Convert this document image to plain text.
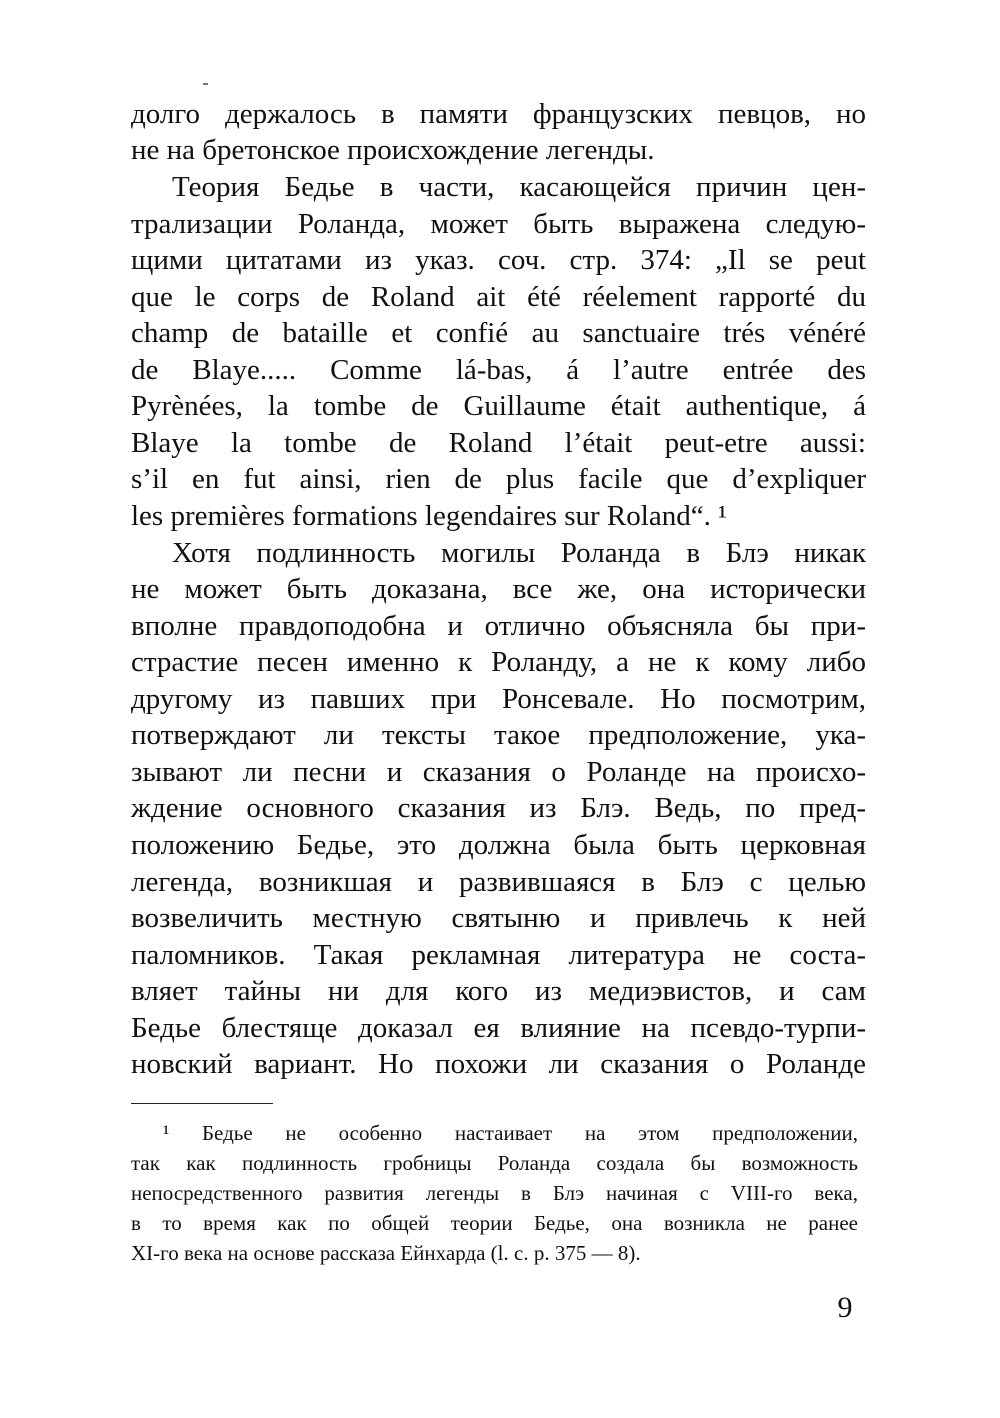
долго держалось в памяти французских певцов, но
не на бретонское происхождение легенды.
Теория Бедье в части, касающейся причин цен-
трализации Роланда, может быть выражена следую-
щими цитатами из указ. соч. стр. 374: „Il se peut
que le corps de Roland ait été réelement rapporté du
champ de bataille et confié au sanctuaire trés vénéré
de Blaye..... Comme lá-bas, á l’autre entrée des
Pyrènées, la tombe de Guillaume était authentique, á
Blaye la tombe de Roland l’était peut-etre aussi:
s’il en fut ainsi, rien de plus facile que d’expliquer
les premières formations legendaires sur Roland“. ¹
Хотя подлинность могилы Роланда в Блэ никак
не может быть доказана, все же, она исторически
вполне правдоподобна и отлично объясняла бы при-
страстие песен именно к Роланду, а не к кому либо
другому из павших при Ронсевале. Но посмотрим,
потверждают ли тексты такое предположение, ука-
зывают ли песни и сказания о Роланде на происхо-
ждение основного сказания из Блэ. Ведь, по пред-
положению Бедье, это должна была быть церковная
легенда, возникшая и развившаяся в Блэ с целью
возвеличить местную святыню и привлечь к ней
паломников. Такая рекламная литература не соста-
вляет тайны ни для кого из медиэвистов, и сам
Бедье блестяще доказал ея влияние на псевдо-турпи-
новский вариант. Но похожи ли сказания о Роланде
¹ Бедье не особенно настаивает на этом предположении,
так как подлинность гробницы Роланда создала бы возможность
непосредственного развития легенды в Блэ начиная с VIII-го века,
в то время как по общей теории Бедье, она возникла не ранее
XI-го века на основе рассказа Ейнхарда (l. c. p. 375 — 8).
9
